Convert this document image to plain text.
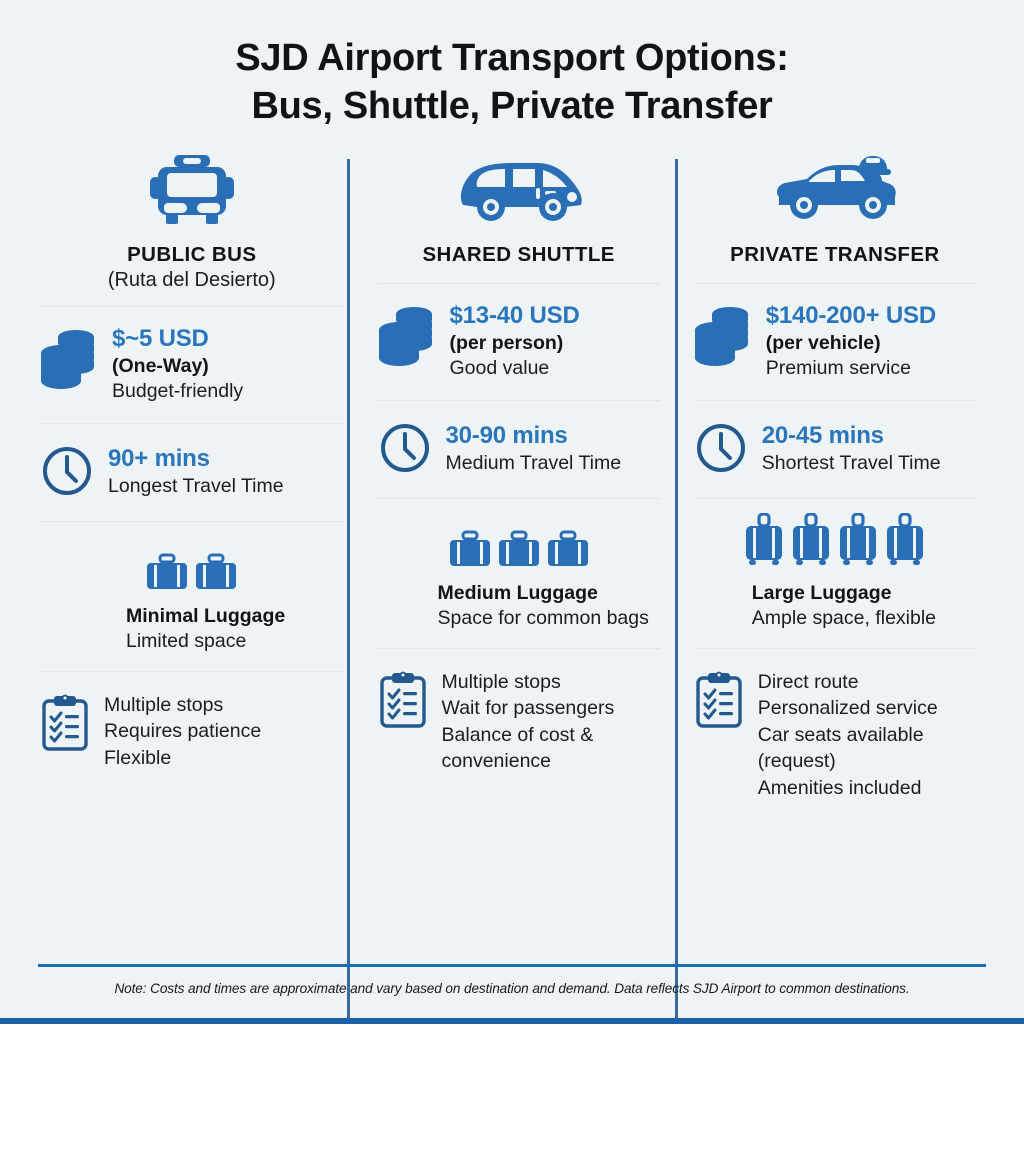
SJD Airport Transport Options:
Bus, Shuttle, Private Transfer
PUBLIC BUS
(Ruta del Desierto)
$~5 USD
(One-Way)
Budget-friendly
90+ mins
Longest Travel Time
Minimal Luggage
Limited space
Multiple stops
Requires patience
Flexible
SHARED SHUTTLE
$13-40 USD
(per person)
Good value
30-90 mins
Medium Travel Time
Medium Luggage
Space for common bags
Multiple stops
Wait for passengers
Balance of cost &
convenience
PRIVATE TRANSFER
$140-200+ USD
(per vehicle)
Premium service
20-45 mins
Shortest Travel Time
Large Luggage
Ample space, flexible
Direct route
Personalized service
Car seats available
(request)
Amenities included
Note: Costs and times are approximate and vary based on destination and demand. Data reflects SJD Airport to common destinations.
